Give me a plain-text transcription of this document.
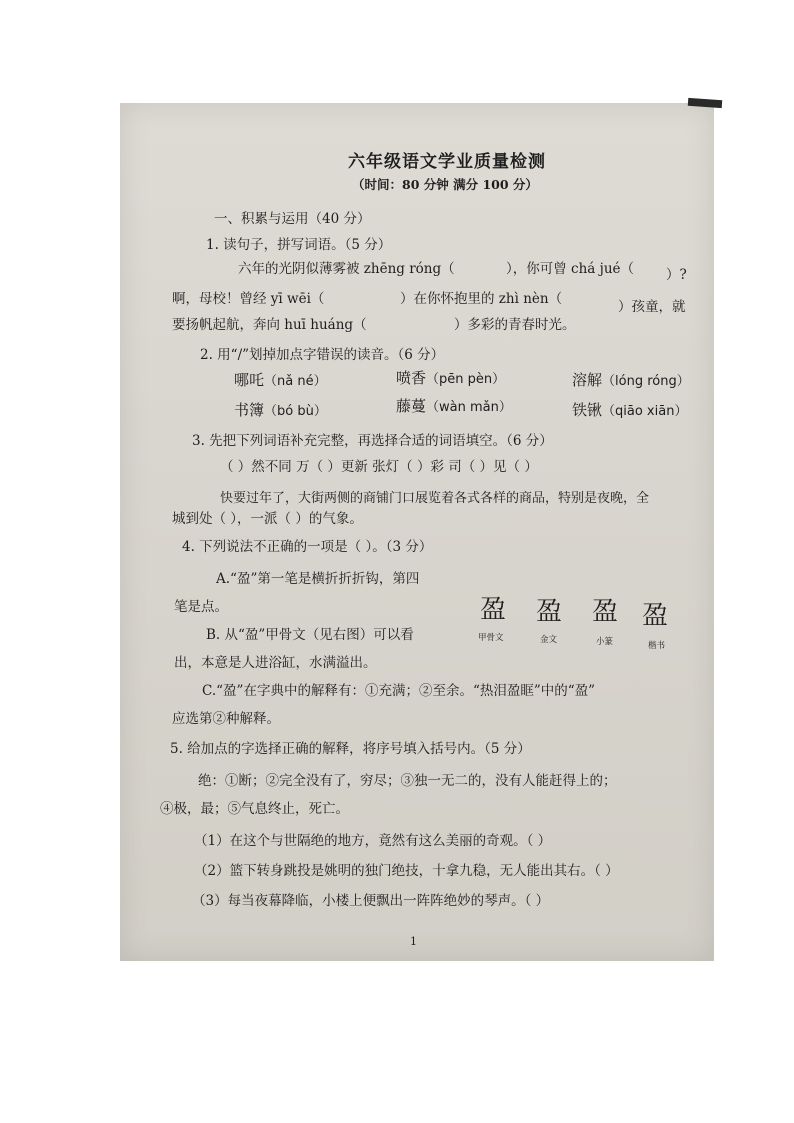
六年级语文学业质量检测
（时间：80 分钟 满分 100 分）
一、积累与运用（40 分）
1. 读句子，拼写词语。（5 分）
六年的光阴似薄雾被 zhēng róng（	），你可曾 chá jué（ ）?
啊，母校！曾经 yī wēi（	）在你怀抱里的 zhì nèn（	）孩童，就
要扬帆起航，奔向 huī huáng（	）多彩的青春时光。
2. 用“/”划掉加点字错误的读音。（6 分）
哪吒（nǎ né）	喷香（pēn pèn）	溶解（lóng róng）
书簿（bó bù）	藤蔓（wàn mǎn）	铁锹（qiāo xiān）
3. 先把下列词语补充完整，再选择合适的词语填空。（6 分）
（ ）然不同 万（ ）更新 张灯（ ）彩 司（ ）见（ ）
快要过年了，大街两侧的商铺门口展览着各式各样的商品，特别是夜晚，全
城到处（ ），一派（ ）的气象。
4. 下列说法不正确的一项是（ ）。（3 分）
A.“盈”第一笔是横折折折钩，第四
笔是点。
B. 从“盈”甲骨文（见右图）可以看
出，本意是人进浴缸，水满溢出。
盈
甲骨文
盈
金文
盈
小篆
盈
楷书
C.“盈”在字典中的解释有：①充满；②至余。“热泪盈眶”中的“盈”
应选第②种解释。
5. 给加点的字选择正确的解释，将序号填入括号内。（5 分）
绝：①断；②完全没有了，穷尽；③独一无二的，没有人能赶得上的；
④极，最；⑤气息终止，死亡。
（1）在这个与世隔绝的地方，竟然有这么美丽的奇观。（ ）
（2）篮下转身跳投是姚明的独门绝技，十拿九稳，无人能出其右。（ ）
（3）每当夜幕降临，小楼上便飘出一阵阵绝妙的琴声。（ ）
1
